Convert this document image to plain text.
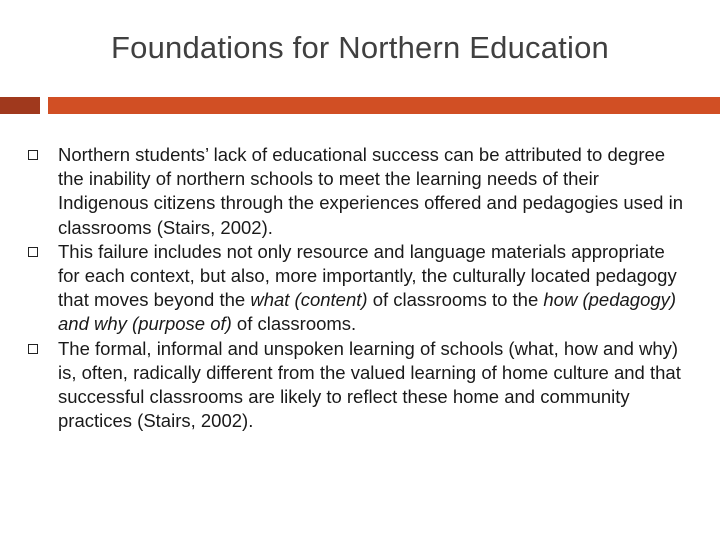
Foundations for Northern Education
Northern students’ lack of educational success can be attributed to degree the inability of northern schools to meet the learning needs of their Indigenous citizens through the experiences offered and pedagogies used in classrooms (Stairs, 2002).
This failure includes not only resource and language materials appropriate for each context, but also, more importantly, the culturally located pedagogy that moves beyond the what (content) of classrooms to the how (pedagogy) and why (purpose of) of classrooms.
The formal, informal and unspoken learning of schools (what, how and why) is, often, radically different from the valued learning of home culture and that successful classrooms are likely to reflect these home and community practices (Stairs, 2002).
